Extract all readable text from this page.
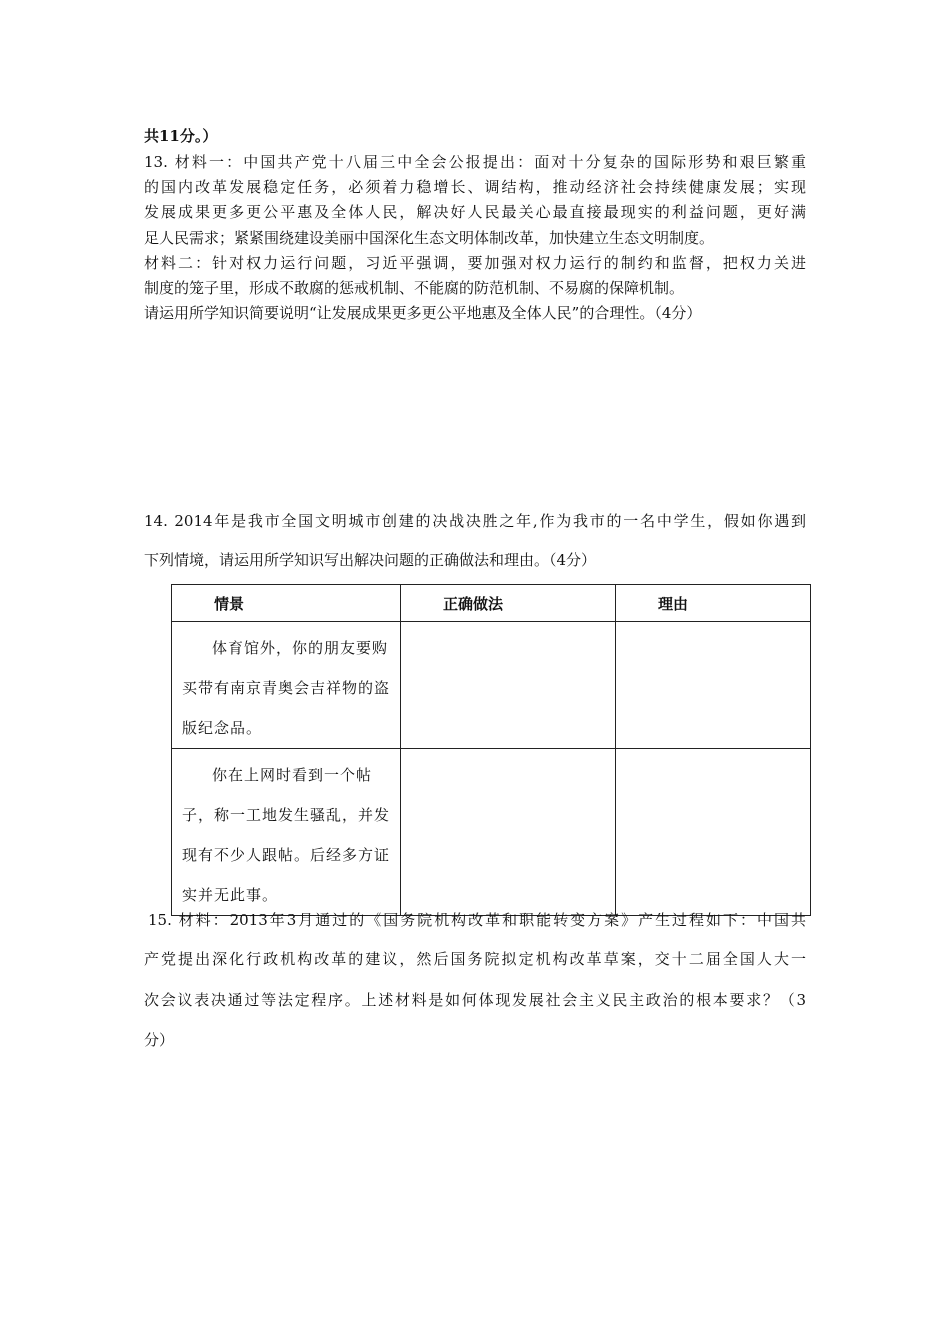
共11分。）
13. 材料一：中国共产党十八届三中全会公报提出：面对十分复杂的国际形势和艰巨繁重
的国内改革发展稳定任务，必须着力稳增长、调结构，推动经济社会持续健康发展；实现
发展成果更多更公平惠及全体人民，解决好人民最关心最直接最现实的利益问题，更好满
足人民需求；紧紧围绕建设美丽中国深化生态文明体制改革，加快建立生态文明制度。
材料二：针对权力运行问题，习近平强调，要加强对权力运行的制约和监督，把权力关进
制度的笼子里，形成不敢腐的惩戒机制、不能腐的防范机制、不易腐的保障机制。
请运用所学知识简要说明“让发展成果更多更公平地惠及全体人民”的合理性。（4分）
14. 2014年是我市全国文明城市创建的决战决胜之年,作为我市的一名中学生，假如你遇到
下列情境，请运用所学知识写出解决问题的正确做法和理由。（4分）
情景	正确做法	理由

体育馆外，你的朋友要购买带有南京青奥会吉祥物的盗版纪念品。		

你在上网时看到一个帖子，称一工地发生骚乱，并发现有不少人跟帖。后经多方证实并无此事。		

15. 材料：2013年3月通过的《国务院机构改革和职能转变方案》产生过程如下：中国共
产党提出深化行政机构改革的建议，然后国务院拟定机构改革草案，交十二届全国人大一
次会议表决通过等法定程序。上述材料是如何体现发展社会主义民主政治的根本要求？（3
分）
